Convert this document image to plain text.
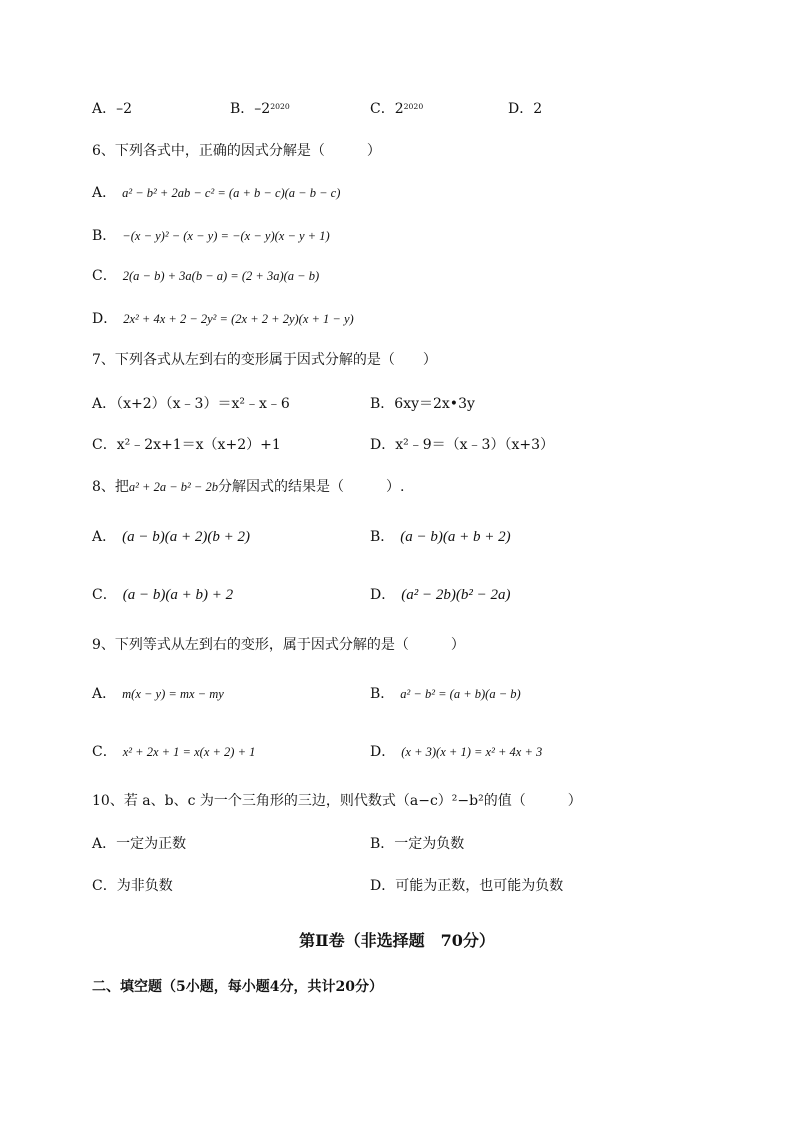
A．–2	B．$-2^{2020}$	C．$2^{2020}$	D．2
6、下列各式中，正确的因式分解是（　　　）
A． a² − b² + 2ab − c² = (a + b − c)(a − b − c)
B． −(x − y)² − (x − y) = −(x − y)(x − y + 1)
C． 2(a − b) + 3a(b − a) = (2 + 3a)(a − b)
D． 2x² + 4x + 2 − 2y² = (2x + 2 + 2y)(x + 1 − y)
7、下列各式从左到右的变形属于因式分解的是（　　）
A．（x+2）（x﹣3）＝x²﹣x﹣6	B．6xy＝2x•3y
C．x²﹣2x+1＝x（x+2）+1	D．x²﹣9＝（x﹣3）（x+3）
8、把a² + 2a − b² − 2b分解因式的结果是（　　　）.
A． (a − b)(a + 2)(b + 2)	B． (a − b)(a + b + 2)
C． (a − b)(a + b) + 2	D． (a² − 2b)(b² − 2a)
9、下列等式从左到右的变形，属于因式分解的是（　　　）
A． m(x − y) = mx − my	B． a² − b² = (a + b)(a − b)
C． x² + 2x + 1 = x(x + 2) + 1	D． (x + 3)(x + 1) = x² + 4x + 3
10、若 a、b、c 为一个三角形的三边，则代数式（a−c）²−b²的值（　　　）
A．一定为正数	B．一定为负数
C．为非负数	D．可能为正数，也可能为负数
第Ⅱ卷（非选择题　70分）
二、填空题（5小题，每小题4分，共计20分）
